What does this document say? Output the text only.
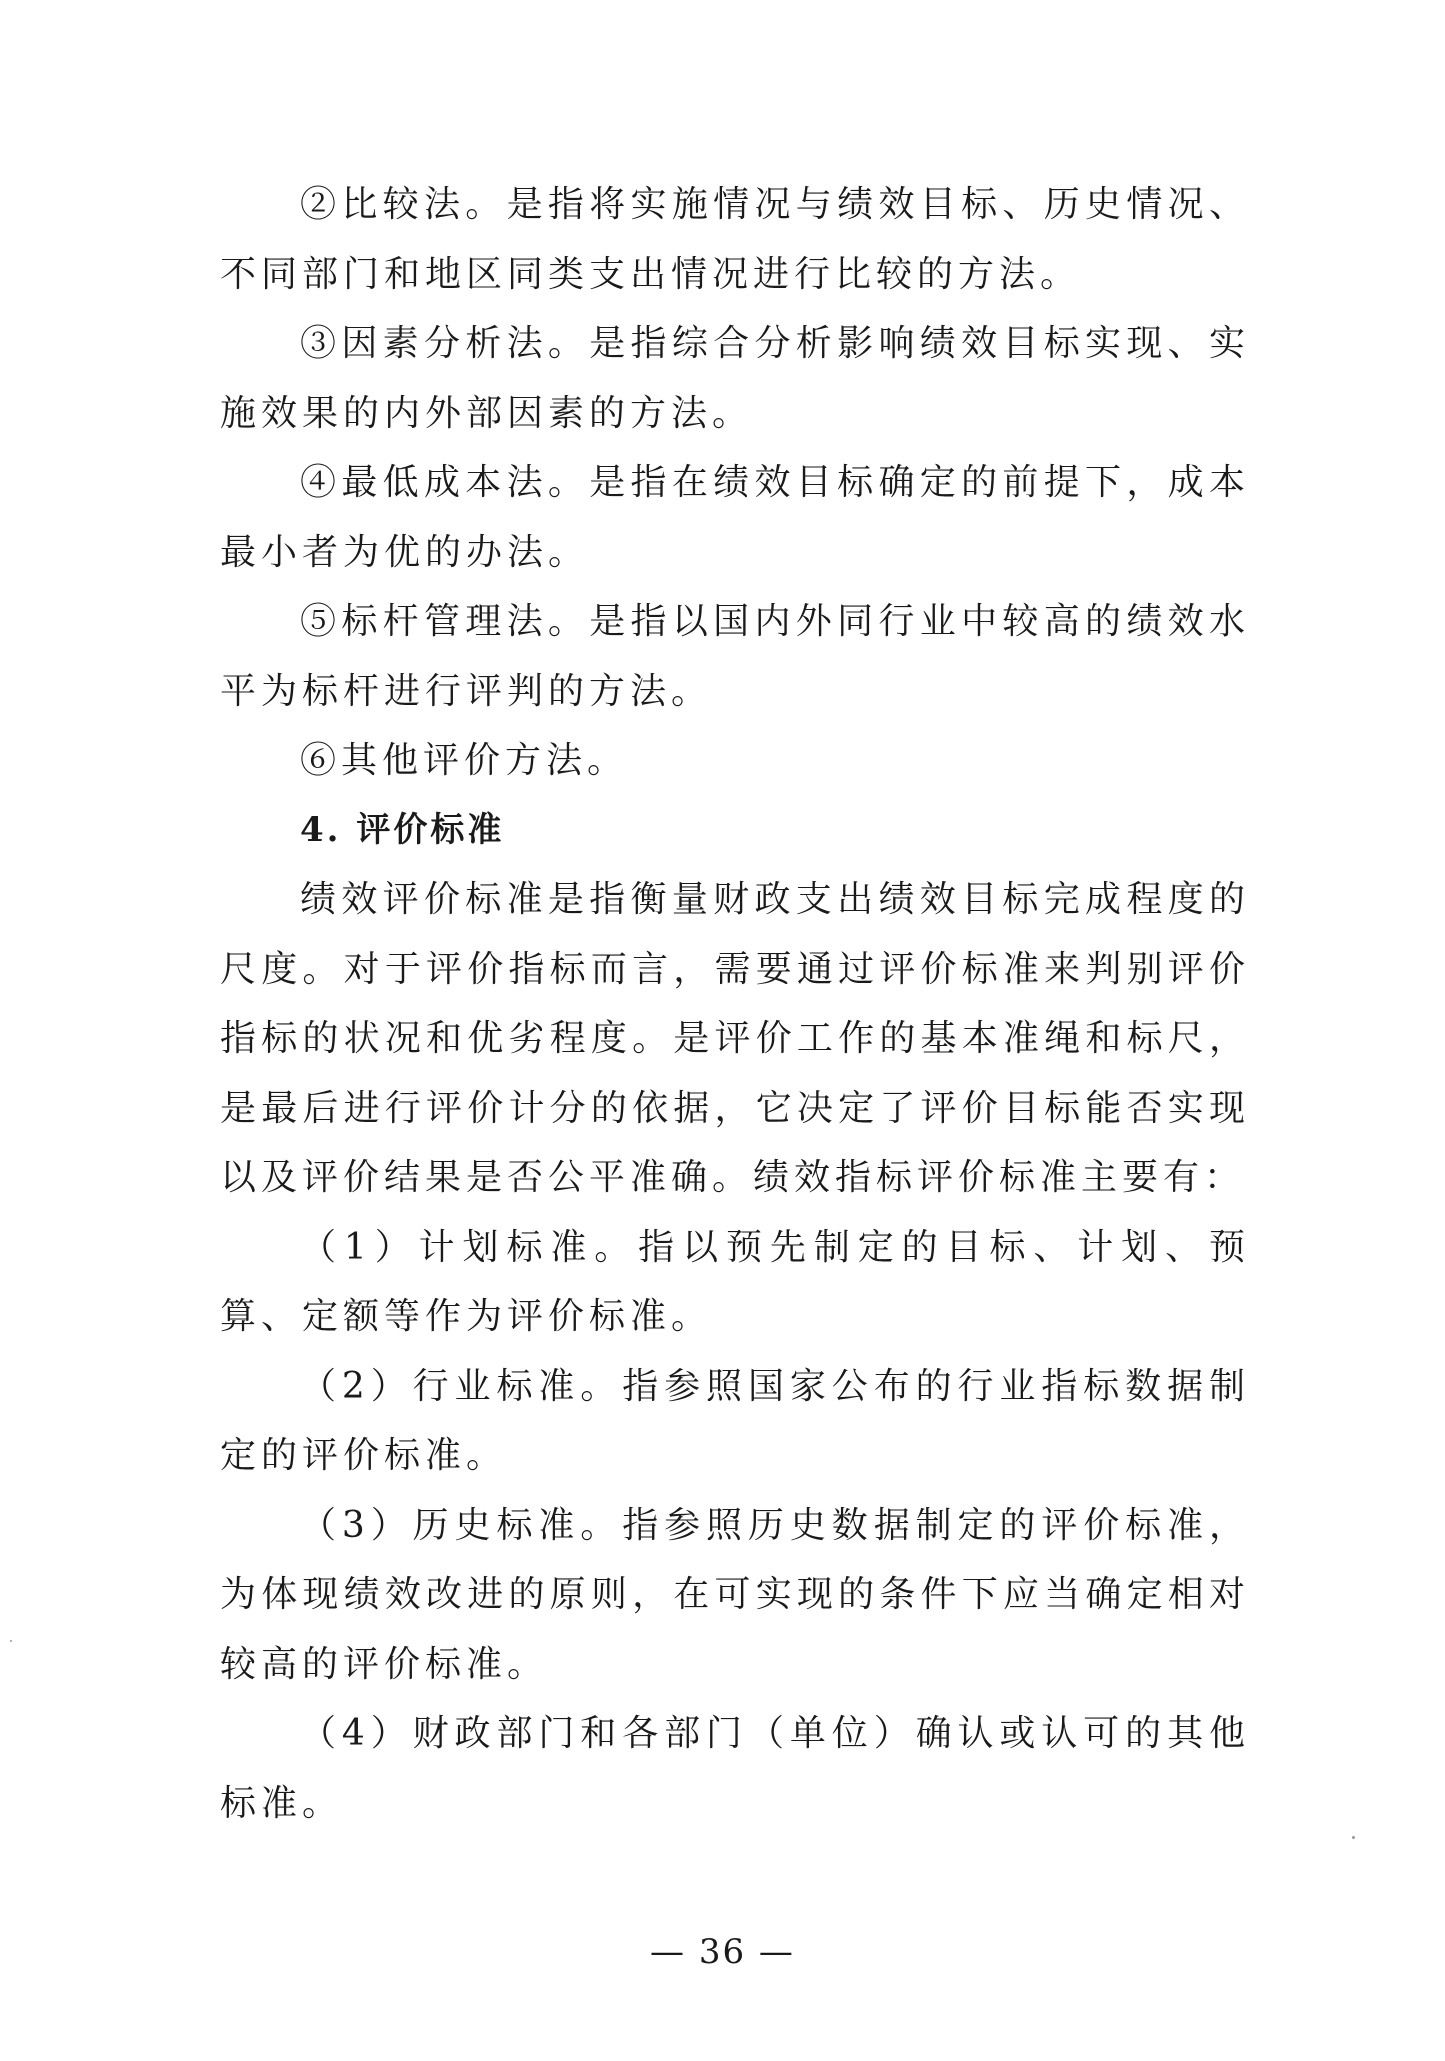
②比较法。是指将实施情况与绩效目标、历史情况、不同部门和地区同类支出情况进行比较的方法。

③因素分析法。是指综合分析影响绩效目标实现、实施效果的内外部因素的方法。

④最低成本法。是指在绩效目标确定的前提下，成本最小者为优的办法。

⑤标杆管理法。是指以国内外同行业中较高的绩效水平为标杆进行评判的方法。

⑥其他评价方法。

4. 评价标准

绩效评价标准是指衡量财政支出绩效目标完成程度的尺度。对于评价指标而言，需要通过评价标准来判别评价指标的状况和优劣程度。是评价工作的基本准绳和标尺，是最后进行评价计分的依据，它决定了评价目标能否实现以及评价结果是否公平准确。绩效指标评价标准主要有：

（1）计划标准。指以预先制定的目标、计划、预算、定额等作为评价标准。

（2）行业标准。指参照国家公布的行业指标数据制定的评价标准。

（3）历史标准。指参照历史数据制定的评价标准，为体现绩效改进的原则，在可实现的条件下应当确定相对较高的评价标准。

（4）财政部门和各部门（单位）确认或认可的其他标准。

— 36 —
